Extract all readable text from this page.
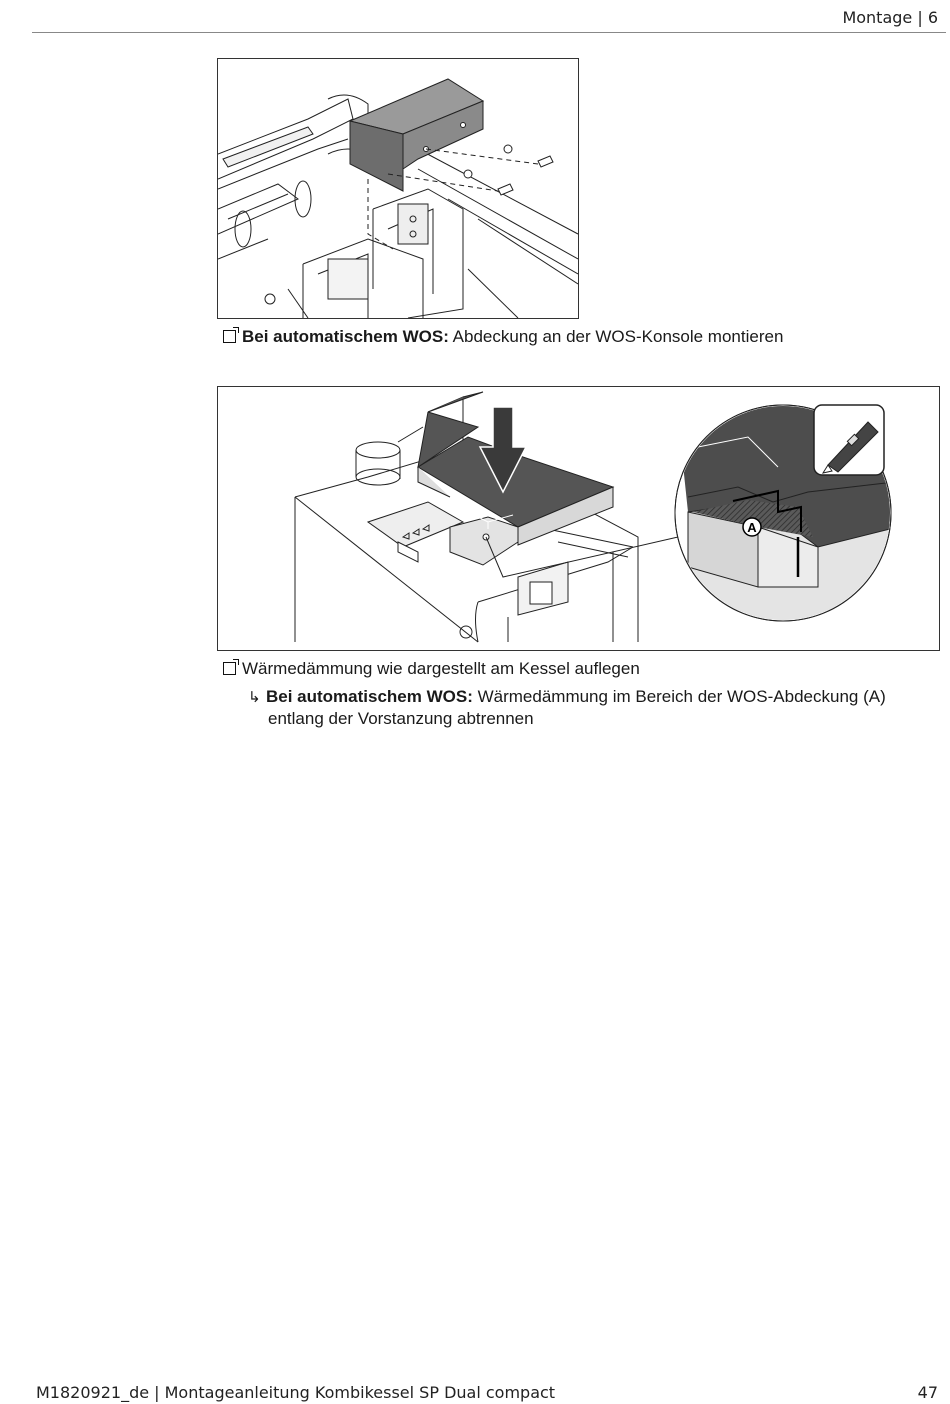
Montage | 6
Bei automatischem WOS: Abdeckung an der WOS-Konsole montieren
A
Wärmedämmung wie dargestellt am Kessel auflegen
↳ Bei automatischem WOS: Wärmedämmung im Bereich der WOS-Abdeckung (A)
entlang der Vorstanzung abtrennen
M1820921_de | Montageanleitung Kombikessel SP Dual compact	47
